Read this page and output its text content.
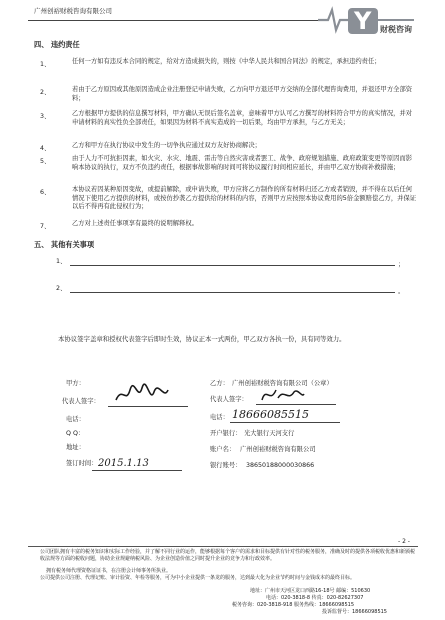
广州创裕财税咨询有限公司	Y 财税咨询
四、 违约责任
1、	任何一方如有违反本合同的规定，给对方造成损失的，则按《中华人民共和国合同法》的规定，承担违约责任；
2、	若由于乙方原因或其他原因造成企业注册登记申请失败，乙方向甲方退还甲方交纳的全部代理咨询费用，并退还甲方全部资料；
3、	乙方根据甲方提供的信息撰写材料，甲方确认无误后签名盖章，意味着甲方认可乙方撰写的材料符合甲方的真实情况，并对申请材料的真实性负全部责任，如果因为材料不真实造成的一切后果，均由甲方承担，与乙方无关；
4、	乙方和甲方在执行协议中发生的一切争执应通过双方友好协商解决；
5、	由于人力不可抗拒因素，如火灾、水灾、地震、雷击等自然灾害或者罢工、战争、政府规划措施、政府政策变更等原因而影响本协议的执行，双方不负违约责任，根据事故影响的时间可将协议履行时间相应延长，并由甲乙双方协商补救措施；
6、	本协议若因某种原因变故，或提前解除，或申请失败，甲方应将乙方制作的所有材料归还乙方或者销毁，并不得在以后任何情况下使用乙方提供的材料，或按仿抄袭乙方提供给的材料的内容，否则甲方应按照本协议费用的5倍金额赔偿乙方，并保证以后不得再有此侵权行为；
7、	乙方对上述责任事项享有最终的说明解释权。
五、 其他有关事项
1、	；
2、	。
本协议签字盖章和授权代表签字后即时生效，协议正本一式两份，甲乙双方各执一份，具有同等效力。
甲方：
代表人签字：
电话：
Q Q：
地址：
签订时间： 2015.1.13
乙方： 广州创裕财税咨询有限公司（公章）
代表人签字：
电话： 18666085515
开户银行： 光大银行天河支行
账户名： 广州创裕财税咨询有限公司
银行账号： 38650188000030866
- 2 -
公司团队拥有丰富的税务知识和实际工作经验，并了解不同行业的运作，能够根据每个客户的需求和目标提供有针对性的税务服务，准确及时的提供各项税收优惠和新颁税收法规等方面的税收问题，协助企业规避纳税风险、为企业创造价值之同时提升企业的竞争力和行政效率。
拥有税务师代理资格证证书，在注册会计师事务所执业。
公司提供公司注册、代理记账、审计验资、年检等服务，可为中小企业提供一条龙的服务，达到最大化为企业节约时间与金钱成本的最终目标。
地址：广州市天河区龙口西路16-18号 邮编：510630
电话：020-3818-8 传真：020-82627307
税务咨询：020-3818-918 服务热线：18666098515
投诉监督号：18666098515
